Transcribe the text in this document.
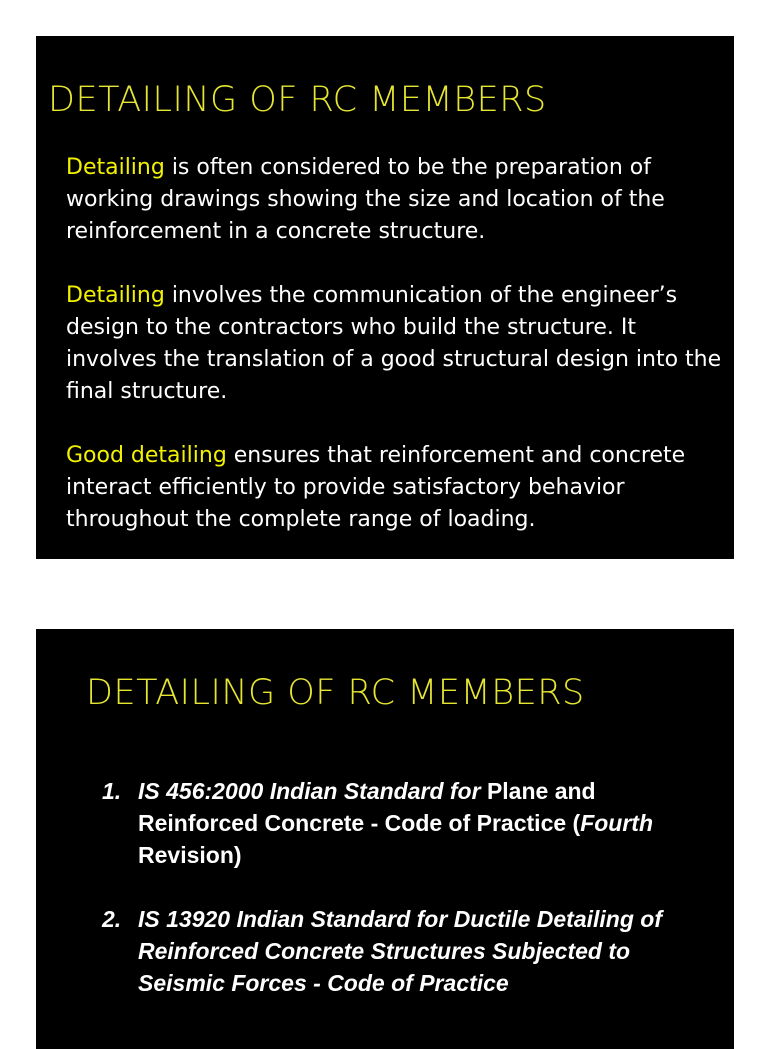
DETAILING OF RC MEMBERS

Detailing is often considered to be the preparation of working drawings showing the size and location of the reinforcement in a concrete structure.

Detailing involves the communication of the engineer’s design to the contractors who build the structure. It involves the translation of a good structural design into the final structure.

Good detailing ensures that reinforcement and concrete interact efficiently to provide satisfactory behavior throughout the complete range of loading.

DETAILING OF RC MEMBERS
1. IS 456:2000 Indian Standard for Plane and Reinforced Concrete - Code of Practice (Fourth Revision)
2. IS 13920 Indian Standard for Ductile Detailing of Reinforced Concrete Structures Subjected to Seismic Forces - Code of Practice
